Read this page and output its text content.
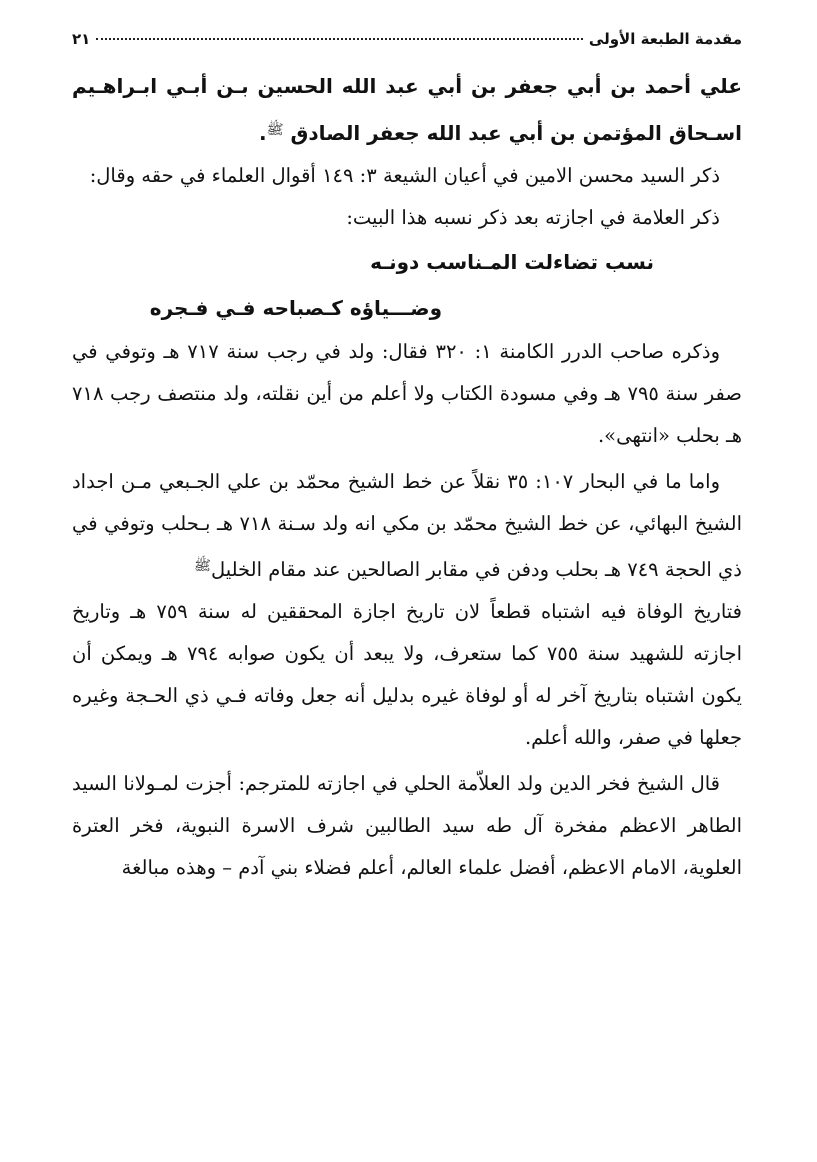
مقدمة الطبعة الأولى
٢١

علي أحمد بن أبي جعفر بن أبي عبد الله الحسين بـن أبـي ابـراهـيم اسـحاق المؤتمن بن أبي عبد الله جعفر الصادق $^ﷺ$.

ذكر السيد محسن الامين في أعيان الشيعة ٣: ١٤٩ أقوال العلماء في حقه وقال:

ذكر العلامة في اجازته بعد ذكر نسبه هذا البيت:

نسب تضاءلت المـناسب دونـه

وضـــياؤه كـصباحه فـي فـجره

وذكره صاحب الدرر الكامنة ١: ٣٢٠ فقال: ولد في رجب سنة ٧١٧ هـ وتوفي في صفر سنة ٧٩٥ هـ وفي مسودة الكتاب ولا أعلم من أين نقلته، ولد منتصف رجب ٧١٨ هـ بحلب «انتهى».

واما ما في البحار ١٠٧: ٣٥ نقلاً عن خط الشيخ محمّد بن علي الجـبعي مـن اجداد الشيخ البهائي، عن خط الشيخ محمّد بن مكي انه ولد سـنة ٧١٨ هـ بـحلب وتوفي في ذي الحجة ٧٤٩ هـ بحلب ودفن في مقابر الصالحين عند مقام الخليل$^ﷺ$

فتاريخ الوفاة فيه اشتباه قطعاً لان تاريخ اجازة المحققين له سنة ٧٥٩ هـ وتاريخ اجازته للشهيد سنة ٧٥٥ كما ستعرف، ولا يبعد أن يكون صوابه ٧٩٤ هـ ويمكن أن يكون اشتباه بتاريخ آخر له أو لوفاة غيره بدليل أنه جعل وفاته فـي ذي الحـجة وغيره جعلها في صفر، والله أعلم.

قال الشيخ فخر الدين ولد العلاّمة الحلي في اجازته للمترجم: أجزت لمـولانا السيد الطاهر الاعظم مفخرة آل طه سيد الطالبين شرف الاسرة النبوية، فخر العترة العلوية، الامام الاعظم، أفضل علماء العالم، أعلم فضلاء بني آدم – وهذه مبالغة
